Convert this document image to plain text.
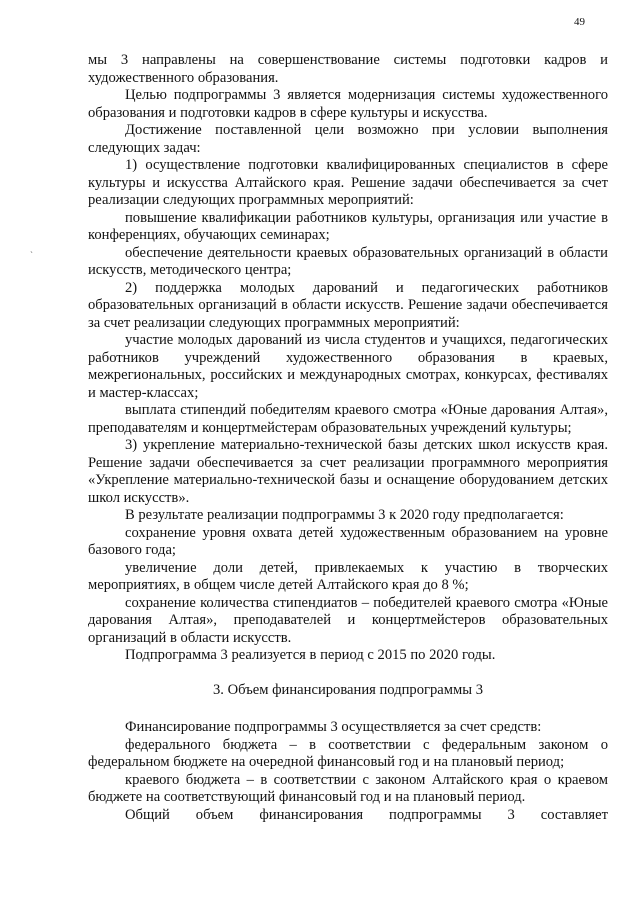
49
`

мы 3 направлены на совершенствование системы подготовки кадров и художественного образования.

Целью подпрограммы 3 является модернизация системы художественного образования и подготовки кадров в сфере культуры и искусства.

Достижение поставленной цели возможно при условии выполнения следующих задач:

1) осуществление подготовки квалифицированных специалистов в сфере культуры и искусства Алтайского края. Решение задачи обеспечивается за счет реализации следующих программных мероприятий:

повышение квалификации работников культуры, организация или участие в конференциях, обучающих семинарах;

обеспечение деятельности краевых образовательных организаций в области искусств, методического центра;

2) поддержка молодых дарований и педагогических работников образовательных организаций в области искусств. Решение задачи обеспечивается за счет реализации следующих программных мероприятий:

участие молодых дарований из числа студентов и учащихся, педагогических работников учреждений художественного образования в краевых, межрегиональных, российских и международных смотрах, конкурсах, фестивалях и мастер-классах;

выплата стипендий победителям краевого смотра «Юные дарования Алтая», преподавателям и концертмейстерам образовательных учреждений культуры;

3) укрепление материально-технической базы детских школ искусств края. Решение задачи обеспечивается за счет реализации программного мероприятия «Укрепление материально-технической базы и оснащение оборудованием детских школ искусств».

В результате реализации подпрограммы 3 к 2020 году предполагается:

сохранение уровня охвата детей художественным образованием на уровне базового года;

увеличение доли детей, привлекаемых к участию в творческих мероприятиях, в общем числе детей Алтайского края до 8 %;

сохранение количества стипендиатов – победителей краевого смотра «Юные дарования Алтая», преподавателей и концертмейстеров образовательных организаций в области искусств.

Подпрограмма 3 реализуется в период с 2015 по 2020 годы.

3. Объем финансирования подпрограммы 3

Финансирование подпрограммы 3 осуществляется за счет средств:

федерального бюджета – в соответствии с федеральным законом о федеральном бюджете на очередной финансовый год и на плановый период;

краевого бюджета – в соответствии с законом Алтайского края о краевом бюджете на соответствующий финансовый год и на плановый период.

Общий объем финансирования подпрограммы 3 составляет
